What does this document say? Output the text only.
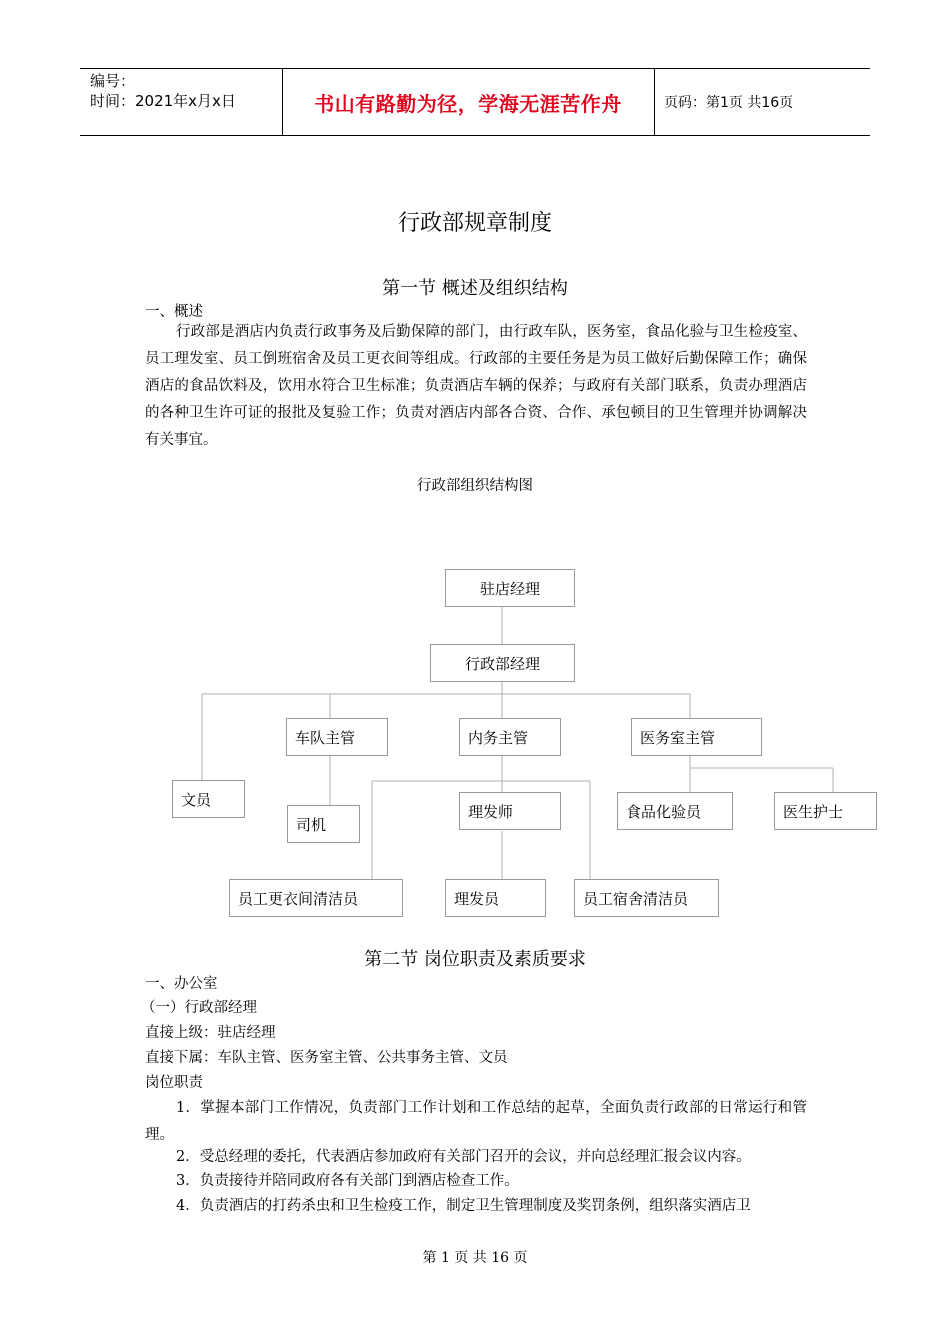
编号：
时间：2021年x月x日	书山有路勤为径，学海无涯苦作舟	页码：第1页 共16页
行政部规章制度
第一节 概述及组织结构
一、概述
行政部是酒店内负责行政事务及后勤保障的部门，由行政车队，医务室，食品化验与卫生检疫室、员工理发室、员工倒班宿舍及员工更衣间等组成。行政部的主要任务是为员工做好后勤保障工作；确保酒店的食品饮料及，饮用水符合卫生标准；负责酒店车辆的保养；与政府有关部门联系，负责办理酒店的各种卫生许可证的报批及复验工作；负责对酒店内部各合资、合作、承包顿目的卫生管理并协调解决有关事宜。
行政部组织结构图
驻店经理
行政部经理
车队主管	内务主管	医务室主管
文员
司机
理发师	食品化验员	医生护士
员工更衣间清洁员	理发员	员工宿舍清洁员
第二节 岗位职责及素质要求
一、办公室
（一）行政部经理
直接上级：驻店经理
直接下属：车队主管、医务室主管、公共事务主管、文员
岗位职责
1．掌握本部门工作情况，负责部门工作计划和工作总结的起草，全面负责行政部的日常运行和管理。
2．受总经理的委托，代表酒店参加政府有关部门召开的会议，并向总经理汇报会议内容。
3．负责接待并陪同政府各有关部门到酒店检查工作。
4．负责酒店的打药杀虫和卫生检疫工作，制定卫生管理制度及奖罚条例，组织落实酒店卫
第 1 页 共 16 页
